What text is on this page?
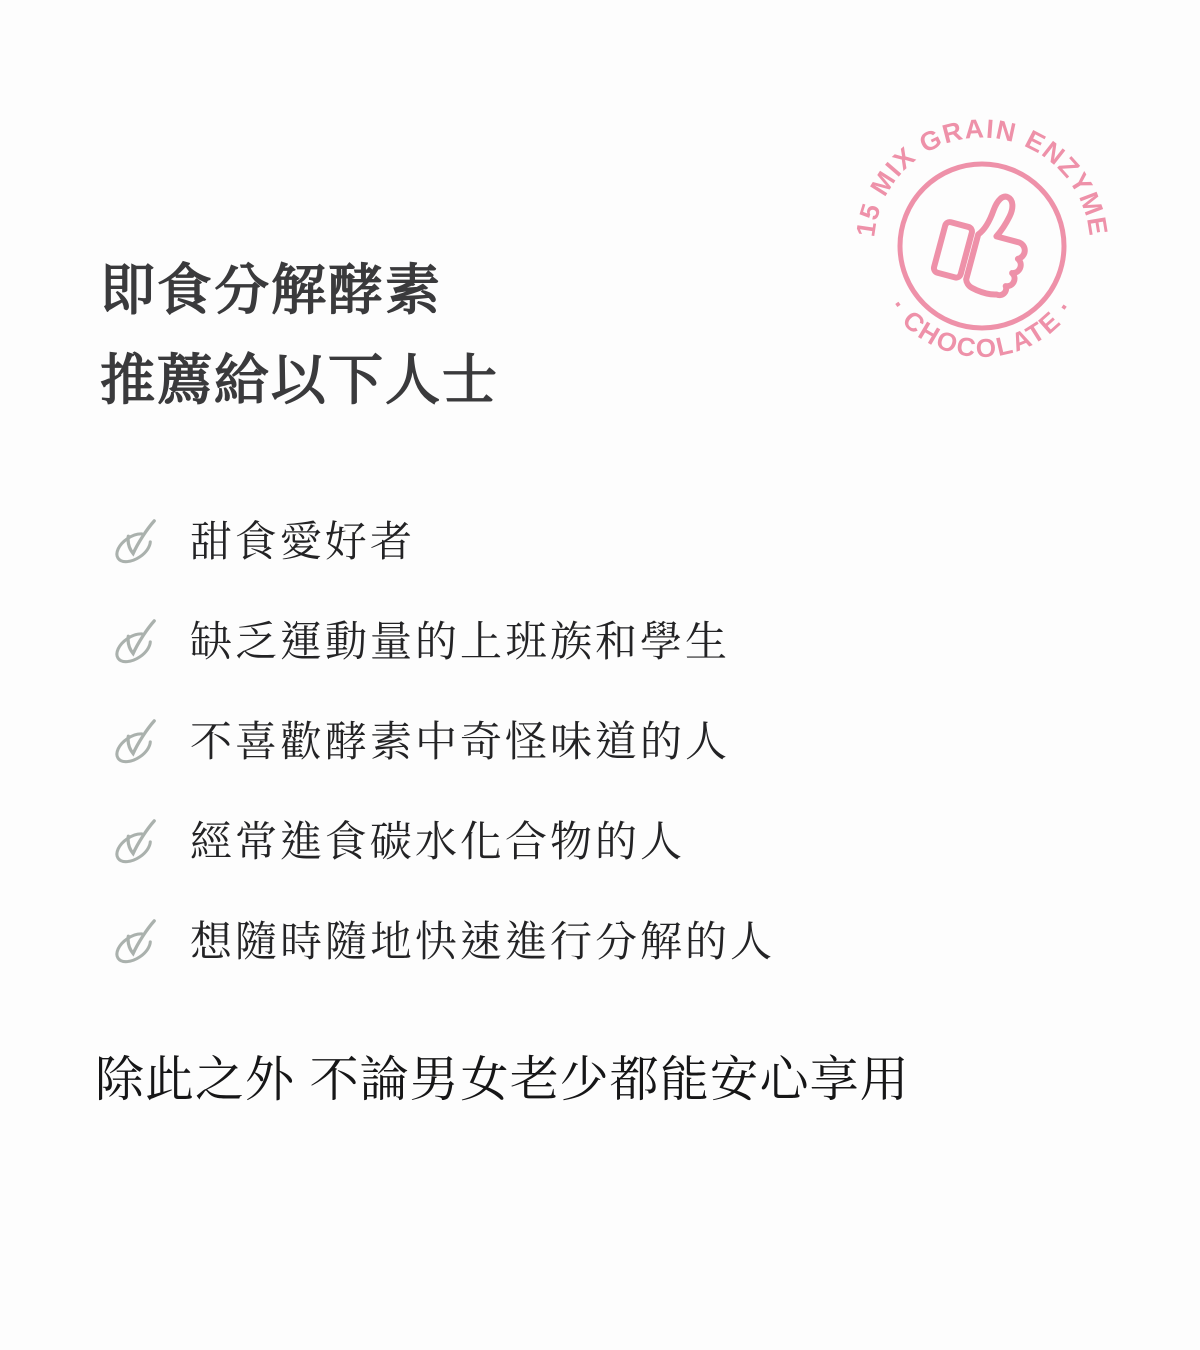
即食分解酵素
推薦給以下人士
15 MIX GRAIN ENZYME
· CHOCOLATE ·
甜食愛好者
缺乏運動量的上班族和學生
不喜歡酵素中奇怪味道的人
經常進食碳水化合物的人
想隨時隨地快速進行分解的人

除此之外 不論男女老少都能安心享用
